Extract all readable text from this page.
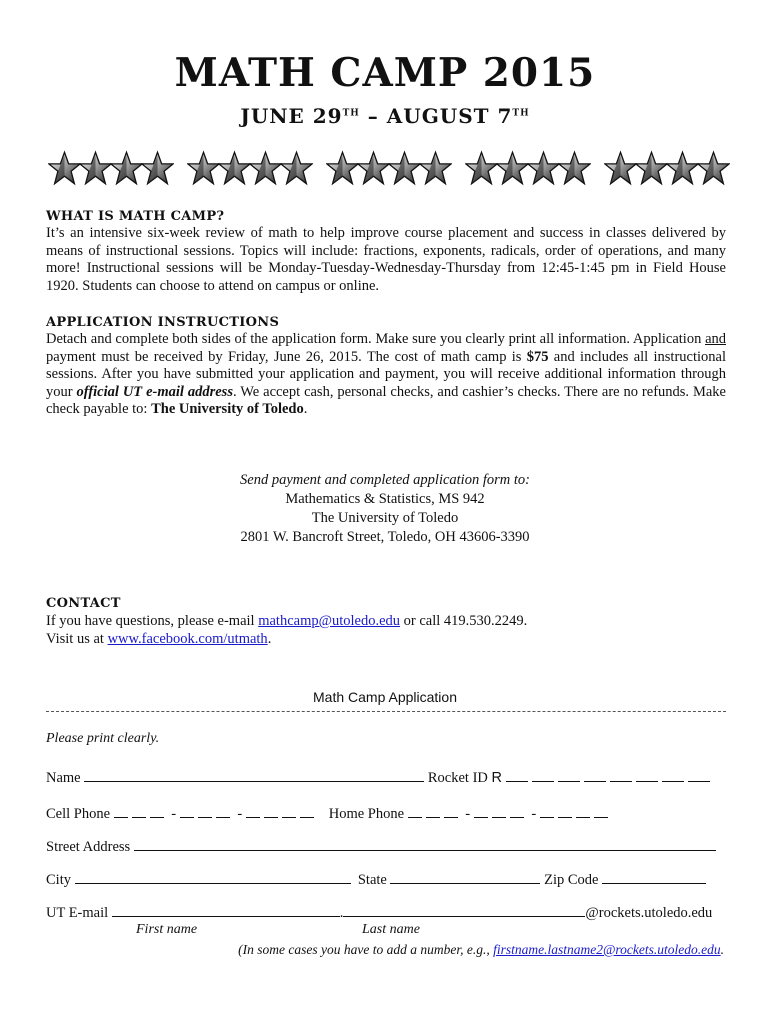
MATH CAMP 2015
JUNE 29TH – AUGUST 7TH
WHAT IS MATH CAMP?
It’s an intensive six-week review of math to help improve course placement and success in classes delivered by means of instructional sessions. Topics will include: fractions, exponents, radicals, order of operations, and many more! Instructional sessions will be Monday-Tuesday-Wednesday-Thursday from 12:45-1:45 pm in Field House 1920. Students can choose to attend on campus or online.
APPLICATION INSTRUCTIONS
Detach and complete both sides of the application form. Make sure you clearly print all information. Application and payment must be received by Friday, June 26, 2015. The cost of math camp is $75 and includes all instructional sessions. After you have submitted your application and payment, you will receive additional information through your official UT e-mail address. We accept cash, personal checks, and cashier’s checks. There are no refunds. Make check payable to: The University of Toledo.
Send payment and completed application form to:
Mathematics & Statistics, MS 942
The University of Toledo
2801 W. Bancroft Street, Toledo, OH 43606-3390
CONTACT
If you have questions, please e-mail mathcamp@utoledo.edu or call 419.530.2249.
Visit us at www.facebook.com/utmath.
Math Camp Application
Please print clearly.
Name	Rocket ID R
Cell Phone	-	-	Home Phone	-	-
Street Address
City	State	Zip Code
UT E-mail	.	@rockets.utoledo.edu
First name	Last name
(In some cases you have to add a number, e.g., firstname.lastname2@rockets.utoledo.edu.
